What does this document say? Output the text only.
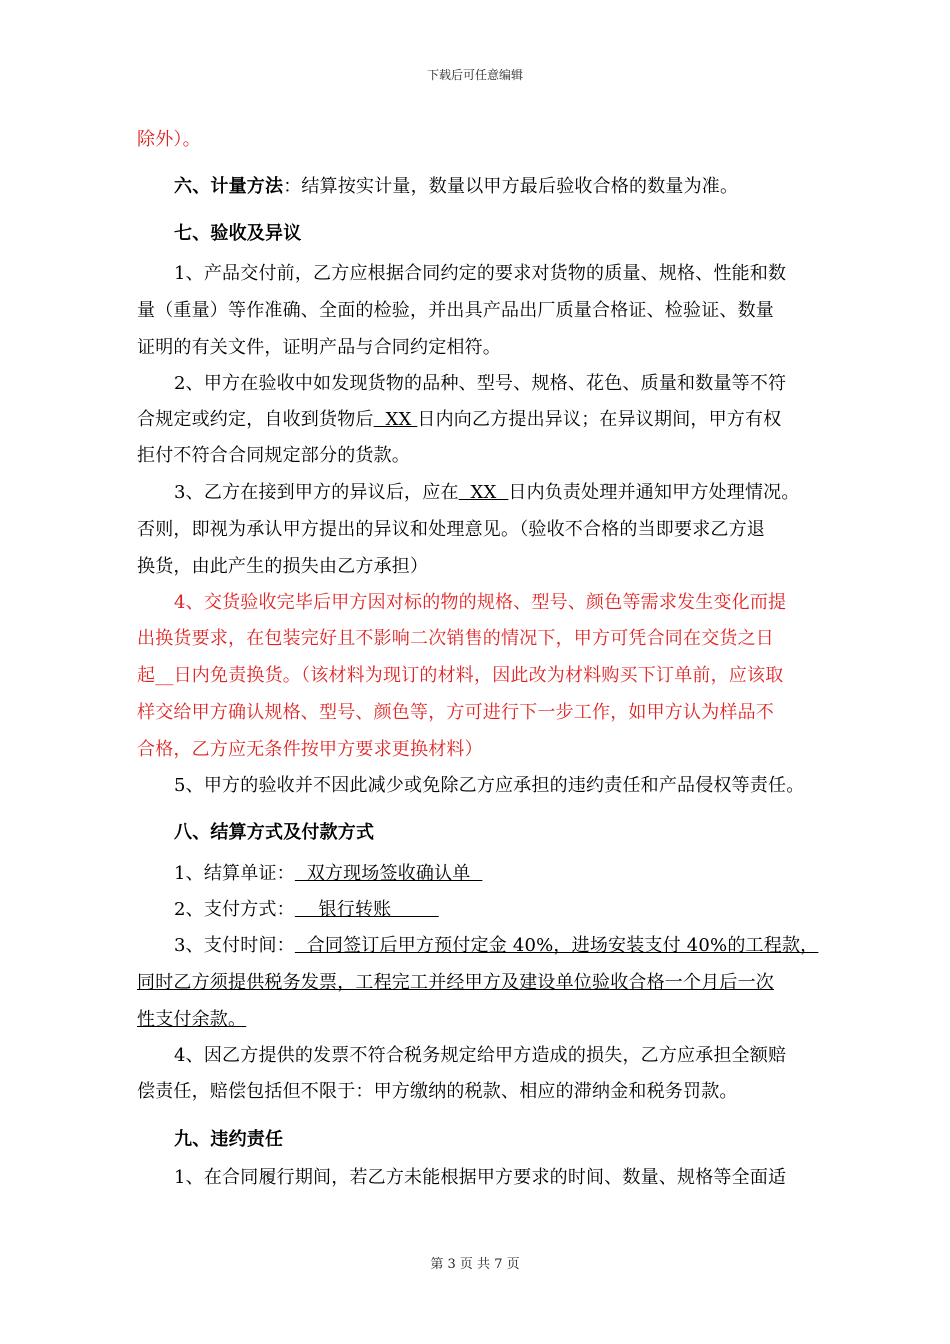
下载后可任意编辑
除外）。
六、计量方法：结算按实计量，数量以甲方最后验收合格的数量为准。
七、验收及异议
1、产品交付前，乙方应根据合同约定的要求对货物的质量、规格、性能和数
量（重量）等作准确、全面的检验，并出具产品出厂质量合格证、检验证、数量
证明的有关文件，证明产品与合同约定相符。
2、甲方在验收中如发现货物的品种、型号、规格、花色、质量和数量等不符
合规定或约定，自收到货物后  XX 日内向乙方提出异议；在异议期间，甲方有权
拒付不符合合同规定部分的货款。
3、乙方在接到甲方的异议后，应在  XX  日内负责处理并通知甲方处理情况。
否则，即视为承认甲方提出的异议和处理意见。（验收不合格的当即要求乙方退
换货，由此产生的损失由乙方承担）
4、交货验收完毕后甲方因对标的物的规格、型号、颜色等需求发生变化而提
出换货要求，在包装完好且不影响二次销售的情况下，甲方可凭合同在交货之日
起__日内免责换货。（该材料为现订的材料，因此改为材料购买下订单前，应该取
样交给甲方确认规格、型号、颜色等，方可进行下一步工作，如甲方认为样品不
合格，乙方应无条件按甲方要求更换材料）
5、甲方的验收并不因此减少或免除乙方应承担的违约责任和产品侵权等责任。
八、结算方式及付款方式
1、结算单证：  双方现场签收确认单
2、支付方式：    银行转账
3、支付时间：  合同签订后甲方预付定金 40%，进场安装支付 40%的工程款，
同时乙方须提供税务发票，工程完工并经甲方及建设单位验收合格一个月后一次
性支付余款。
4、因乙方提供的发票不符合税务规定给甲方造成的损失，乙方应承担全额赔
偿责任，赔偿包括但不限于：甲方缴纳的税款、相应的滞纳金和税务罚款。
九、违约责任
1、在合同履行期间，若乙方未能根据甲方要求的时间、数量、规格等全面适
第 3 页 共 7 页
